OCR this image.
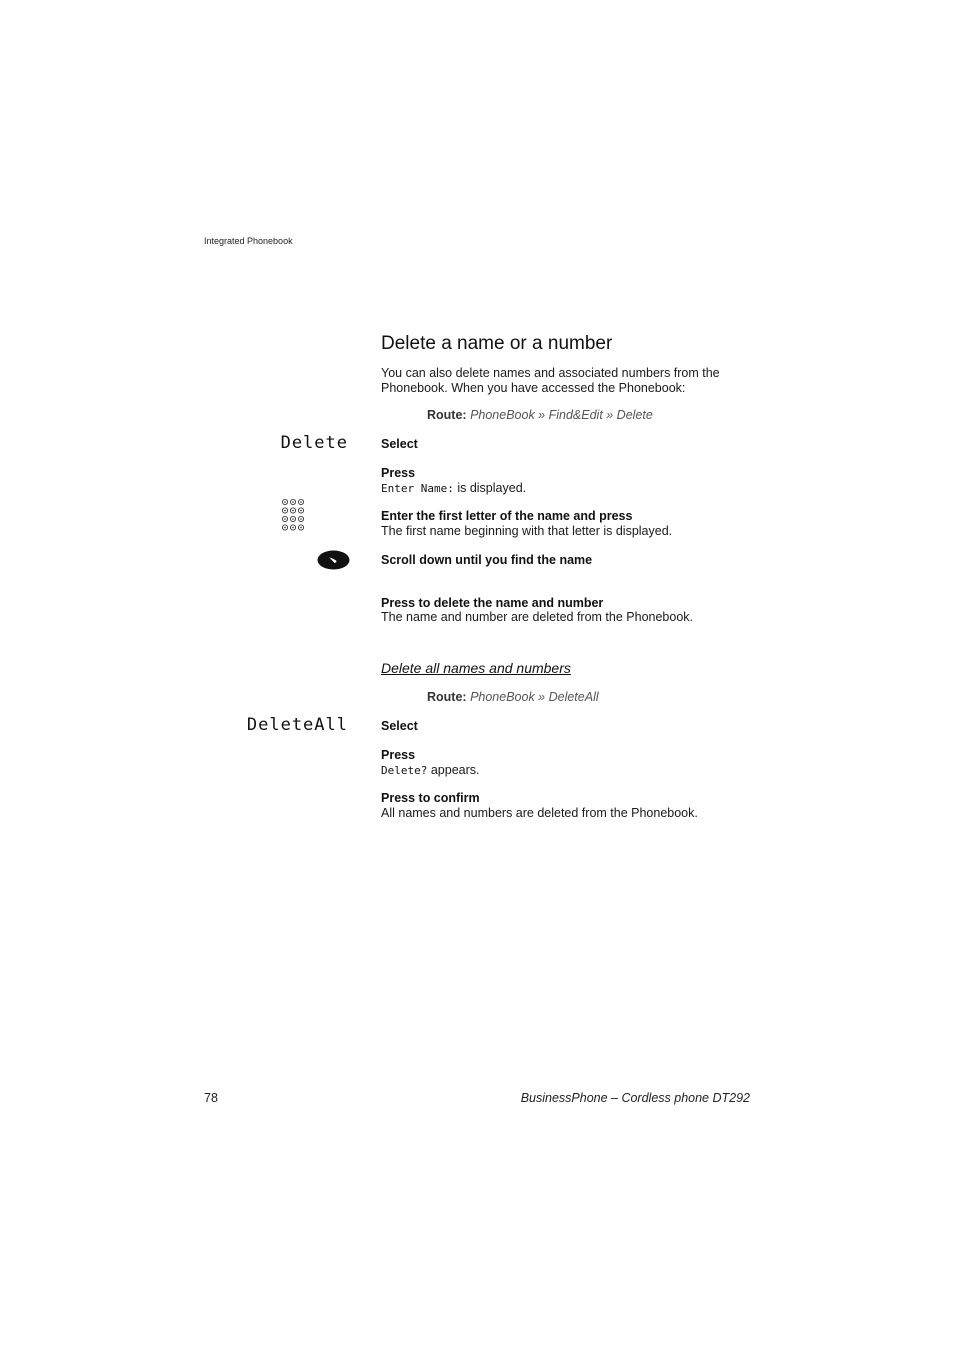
Integrated Phonebook
Delete a name or a number
You can also delete names and associated numbers from the Phonebook. When you have accessed the Phonebook:
Route: PhoneBook » Find&Edit » Delete
Delete	Select
Press
Enter Name: is displayed.
Enter the first letter of the name and press
The first name beginning with that letter is displayed.
Scroll down until you find the name
Press to delete the name and number
The name and number are deleted from the Phonebook.
Delete all names and numbers
Route: PhoneBook » DeleteAll
DeleteAll	Select
Press
Delete? appears.
Press to confirm
All names and numbers are deleted from the Phonebook.
78	BusinessPhone – Cordless phone DT292
